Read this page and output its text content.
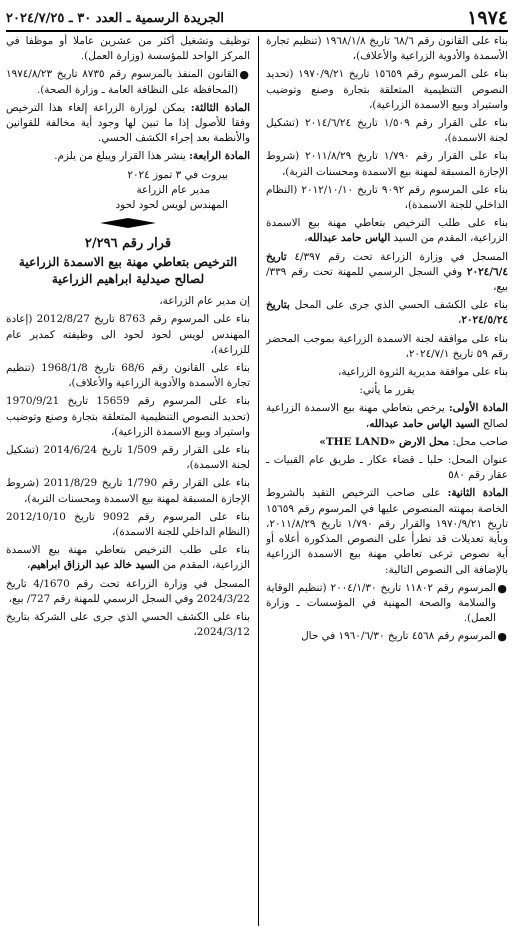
١٩٧٤
الجريدة الرسمية ـ العدد ٣٠ ـ ٢٠٢٤/٧/٢٥
بناء على القانون رقم ٦٨/٦ تاريخ ١٩٦٨/١/٨ (تنظيم تجارة الأسمدة والأدوية الزراعية والأعلاف)،
بناء على المرسوم رقم ١٥٦٥٩ تاريخ ١٩٧٠/٩/٢١ (تحديد النصوص التنظيمية المتعلقة بتجارة وصنع وتوضيب واستيراد وبيع الاسمدة الزراعية)،
بناء على القرار رقم ١/٥٠٩ تاريخ ٢٠١٤/٦/٢٤ (تشكيل لجنة الاسمدة)،
بناء على القرار رقم ١/٧٩٠ تاريخ ٢٠١١/٨/٢٩ (شروط الإجازة المسبقة لمهنة بيع الاسمدة ومحسنات التربة)،
بناء على المرسوم رقم ٩٠٩٢ تاريخ ٢٠١٢/١٠/١٠ (النظام الداخلي للجنة الاسمدة)،
بناء على طلب الترخيص بتعاطي مهنة بيع الاسمدة الزراعية، المقدم من السيد الياس حامد عبدالله،
المسجل في وزارة الزراعة تحت رقم ٤/٣٩٧ تاريخ ٢٠٢٤/٦/٤ وفي السجل الرسمي للمهنة تحت رقم ٣٣٩/بيع،
بناء على الكشف الحسي الذي جرى على المحل بتاريخ ٢٠٢٤/٥/٢٤،
بناء على موافقة لجنة الاسمدة الزراعية بموجب المحضر رقم ٥٩ تاريخ ٢٠٢٤/٧/١،
بناء على موافقة مديرية الثروة الزراعية،
يقرر ما يأتي:
المادة الأولى: يرخص بتعاطي مهنة بيع الاسمدة الزراعية لصالح السيد الياس حامد عبدالله،
صاحب محل: محل الارض «THE LAND»
عنوان المحل: حلبا ـ قضاء عكار ـ طريق عام القبيات ـ عقار رقم ٥٨٠
المادة الثانية: على صاحب الترخيص التقيد بالشروط الخاصة بمهنته المنصوص عليها في المرسوم رقم ١٥٦٥٩ تاريخ ١٩٧٠/٩/٢١ والقرار رقم ١/٧٩٠ تاريخ ٢٠١١/٨/٢٩، وبأية تعديلات قد تطرأ على النصوص المذكورة أعلاه أو أية نصوص ترعى تعاطي مهنة بيع الاسمدة الزراعية بالإضافة الى النصوص التالية:
●
المرسوم رقم ١١٨٠٢ تاريخ ٢٠٠٤/١/٣٠ (تنظيم الوقاية والسلامة والصحة المهنية في المؤسسات ـ وزارة العمل).
●
المرسوم رقم ٤٥٦٨ تاريخ ١٩٦٠/٦/٣٠ في حال
توظيف وتشغيل أكثر من عشرين عاملا أو موظفا في المركز الواحد للمؤسسة (وزارة العمل).
●
القانون المنفذ بالمرسوم رقم ٨٧٣٥ تاريخ ١٩٧٤/٨/٢٣ (المحافظة على النظافة العامة ـ وزارة الصحة).
المادة الثالثة: يمكن لوزارة الزراعة إلغاء هذا الترخيص وفقا للأصول إذا ما تبين لها وجود أية مخالفة للقوانين والأنظمة بعد إجراء الكشف الحسي.
المادة الرابعة: ينشر هذا القرار ويبلغ من يلزم.
بيروت في ٣ تموز ٢٠٢٤
مدير عام الزراعة
المهندس لويس لحود لحود
قرار رقم ٢/٢٩٦
الترخيص بتعاطي مهنة بيع الاسمدة الزراعية لصالح صيدلية ابراهيم الزراعية
إن مدير عام الزراعة،
بناء على المرسوم رقم 8763 تاريخ 2012/8/27 (إعادة المهندس لويس لحود لحود الى وظيفته كمدير عام للزراعة)،
بناء على القانون رقم 68/6 تاريخ 1968/1/8 (تنظيم تجارة الأسمدة والأدوية الزراعية والأعلاف)،
بناء على المرسوم رقم 15659 تاريخ 1970/9/21 (تحديد النصوص التنظيمية المتعلقة بتجارة وصنع وتوضيب واستيراد وبيع الاسمدة الزراعية)،
بناء على القرار رقم 1/509 تاريخ 2014/6/24 (تشكيل لجنة الاسمدة)،
بناء على القرار رقم 1/790 تاريخ 2011/8/29 (شروط الإجازة المسبقة لمهنة بيع الاسمدة ومحسنات التربة)،
بناء على المرسوم رقم 9092 تاريخ 2012/10/10 (النظام الداخلي للجنة الاسمدة)،
بناء على طلب الترخيص بتعاطي مهنة بيع الاسمدة الزراعية، المقدم من السيد خالد عبد الرزاق ابراهيم،
المسجل في وزارة الزراعة تحت رقم 4/1670 تاريخ 2024/3/22 وفي السجل الرسمي للمهنة رقم 727/ بيع،
بناء على الكشف الحسي الذي جرى على الشركة بتاريخ 2024/3/12،
